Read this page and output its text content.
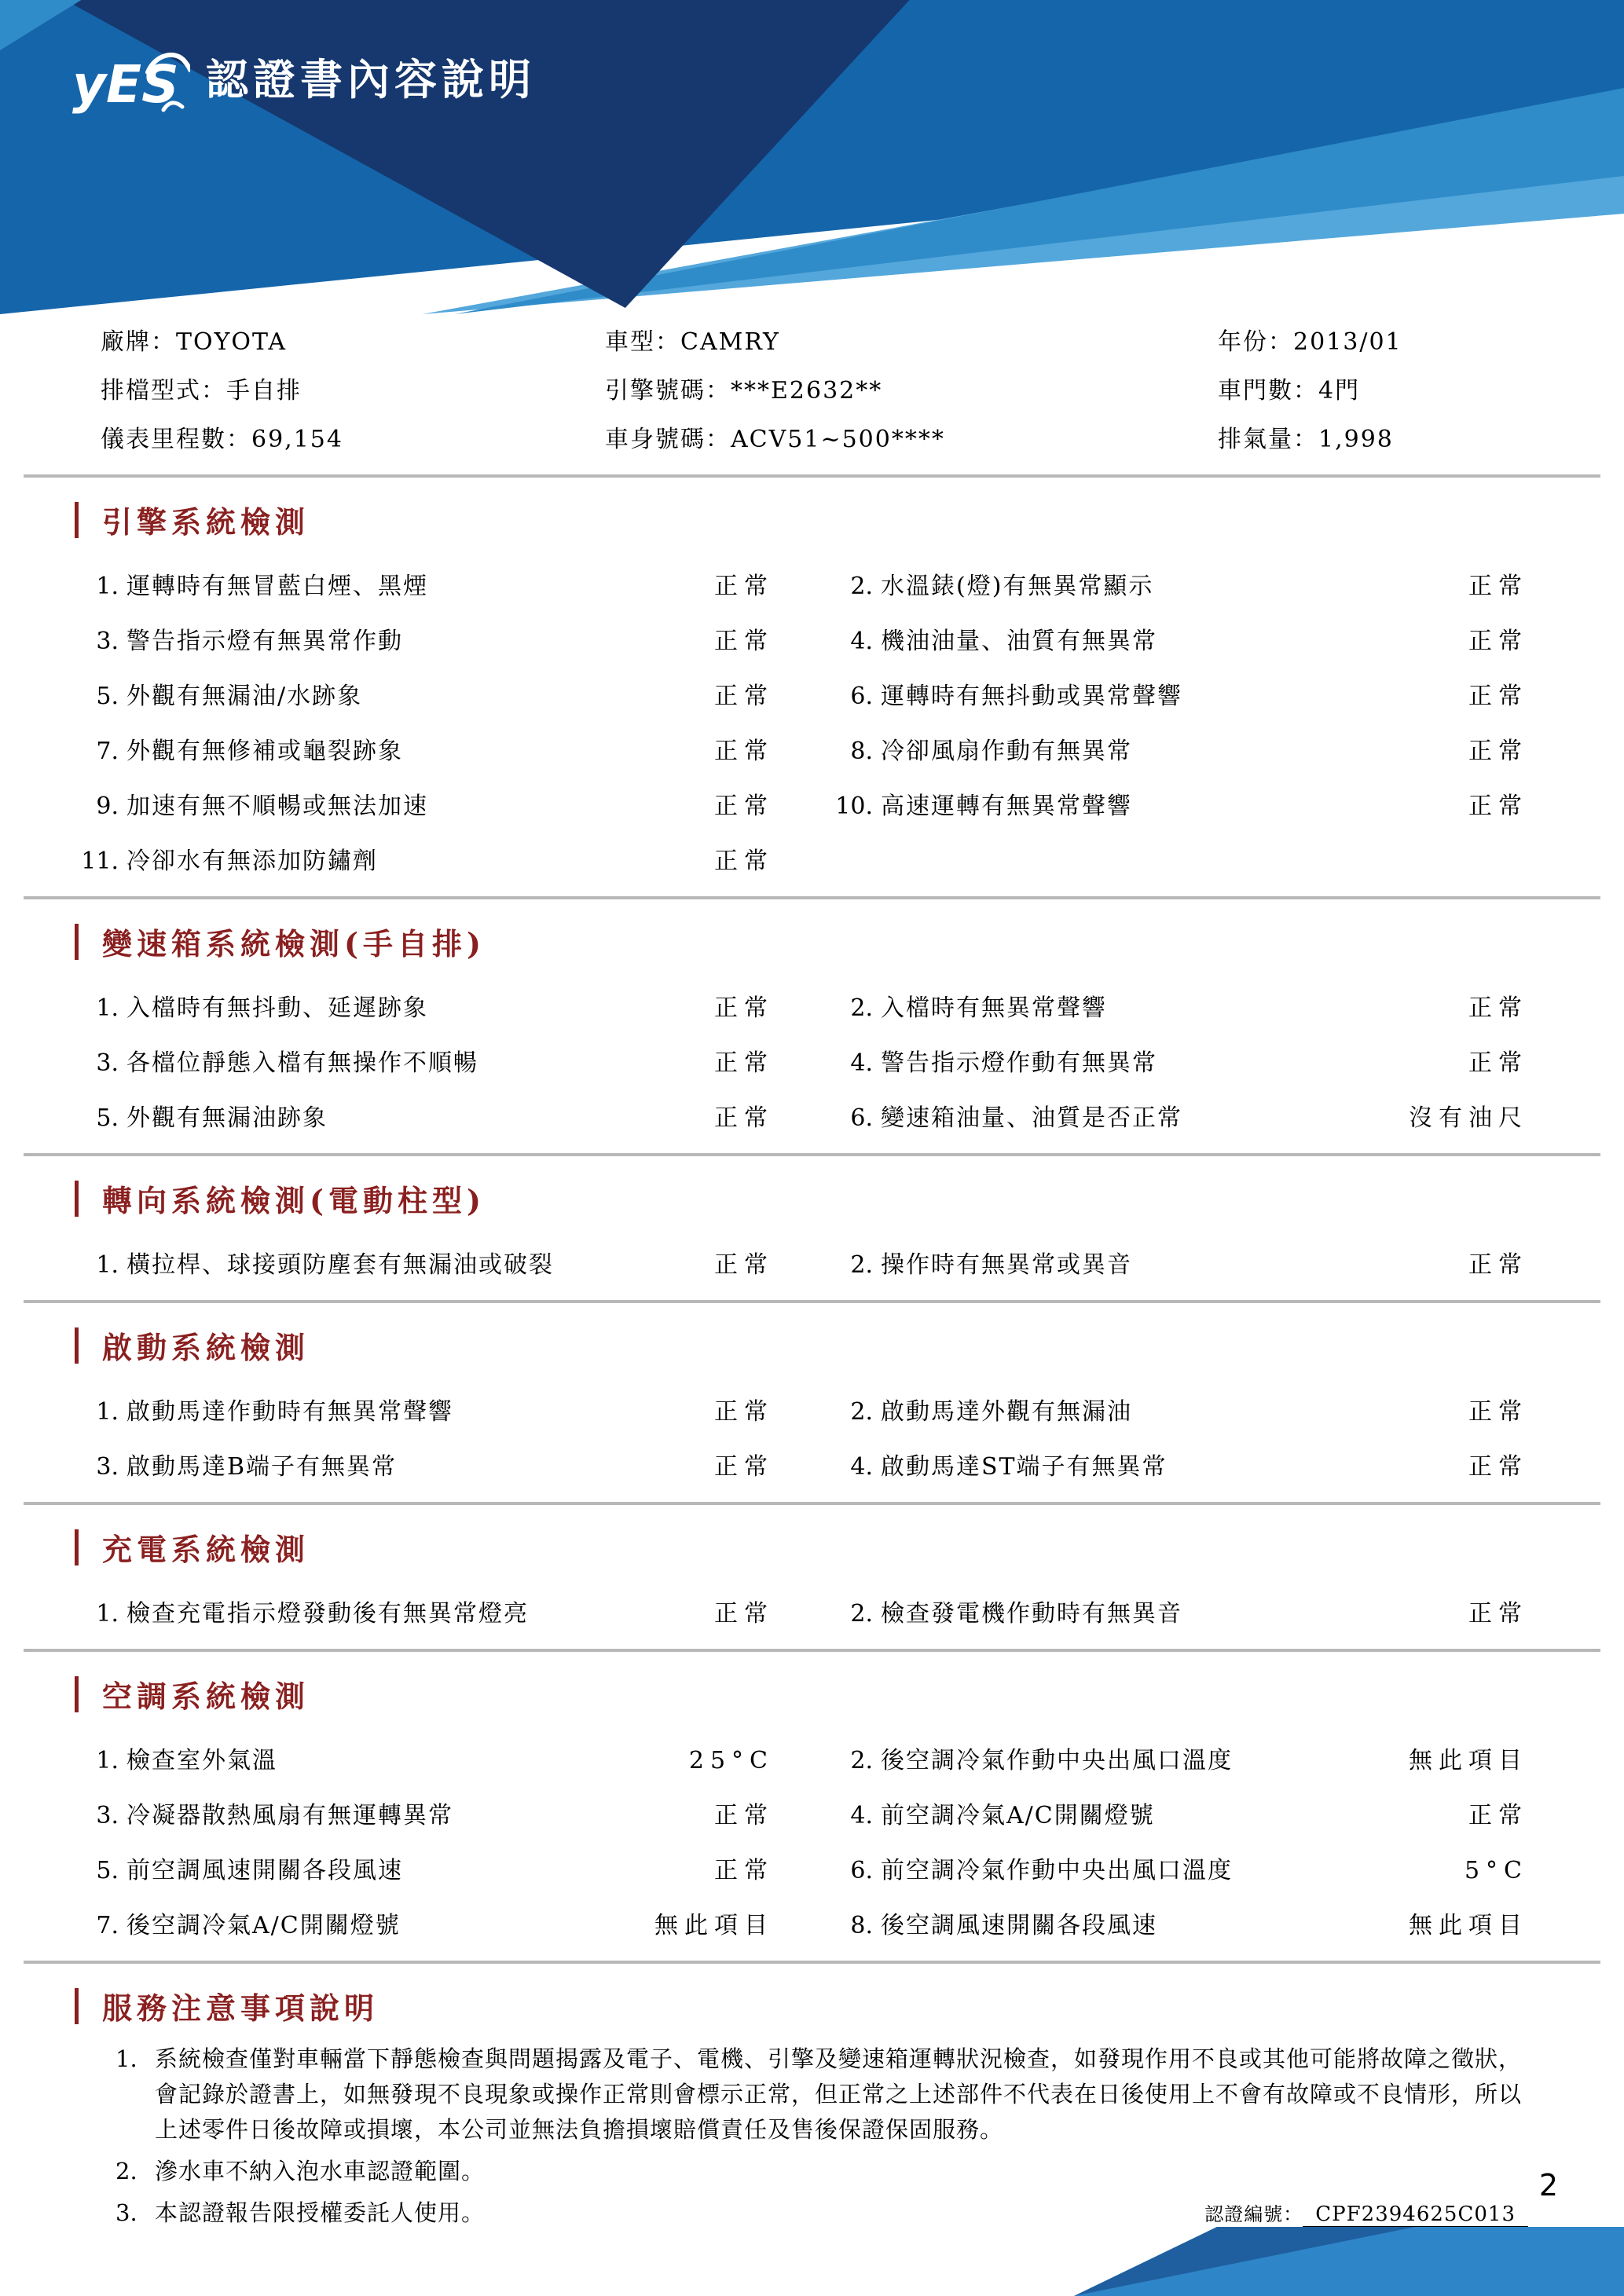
yES 認證書內容說明
廠牌：TOYOTA	車型：CAMRY	年份：2013/01
排檔型式：手自排	引擎號碼：***E2632**	車門數：4門
儀表里程數：69,154	車身號碼：ACV51~500****	排氣量：1,998
引擎系統檢測
1. 運轉時有無冒藍白煙、黑煙	正常	2. 水溫錶(燈)有無異常顯示	正常
3. 警告指示燈有無異常作動	正常	4. 機油油量、油質有無異常	正常
5. 外觀有無漏油/水跡象	正常	6. 運轉時有無抖動或異常聲響	正常
7. 外觀有無修補或龜裂跡象	正常	8. 冷卻風扇作動有無異常	正常
9. 加速有無不順暢或無法加速	正常	10. 高速運轉有無異常聲響	正常
11. 冷卻水有無添加防鏽劑	正常
變速箱系統檢測(手自排)
1. 入檔時有無抖動、延遲跡象	正常	2. 入檔時有無異常聲響	正常
3. 各檔位靜態入檔有無操作不順暢	正常	4. 警告指示燈作動有無異常	正常
5. 外觀有無漏油跡象	正常	6. 變速箱油量、油質是否正常	沒有油尺
轉向系統檢測(電動柱型)
1. 橫拉桿、球接頭防塵套有無漏油或破裂	正常	2. 操作時有無異常或異音	正常
啟動系統檢測
1. 啟動馬達作動時有無異常聲響	正常	2. 啟動馬達外觀有無漏油	正常
3. 啟動馬達B端子有無異常	正常	4. 啟動馬達ST端子有無異常	正常
充電系統檢測
1. 檢查充電指示燈發動後有無異常燈亮	正常	2. 檢查發電機作動時有無異音	正常
空調系統檢測
1. 檢查室外氣溫	25°C	2. 後空調冷氣作動中央出風口溫度	無此項目
3. 冷凝器散熱風扇有無運轉異常	正常	4. 前空調冷氣A/C開關燈號	正常
5. 前空調風速開關各段風速	正常	6. 前空調冷氣作動中央出風口溫度	5°C
7. 後空調冷氣A/C開關燈號	無此項目	8. 後空調風速開關各段風速	無此項目
服務注意事項說明
1. 系統檢查僅對車輛當下靜態檢查與問題揭露及電子、電機、引擎及變速箱運轉狀況檢查，如發現作用不良或其他可能將故障之徵狀，會記錄於證書上，如無發現不良現象或操作正常則會標示正常，但正常之上述部件不代表在日後使用上不會有故障或不良情形，所以上述零件日後故障或損壞，本公司並無法負擔損壞賠償責任及售後保證保固服務。
2. 滲水車不納入泡水車認證範圍。
3. 本認證報告限授權委託人使用。	認證編號： CPF2394625C013
2
